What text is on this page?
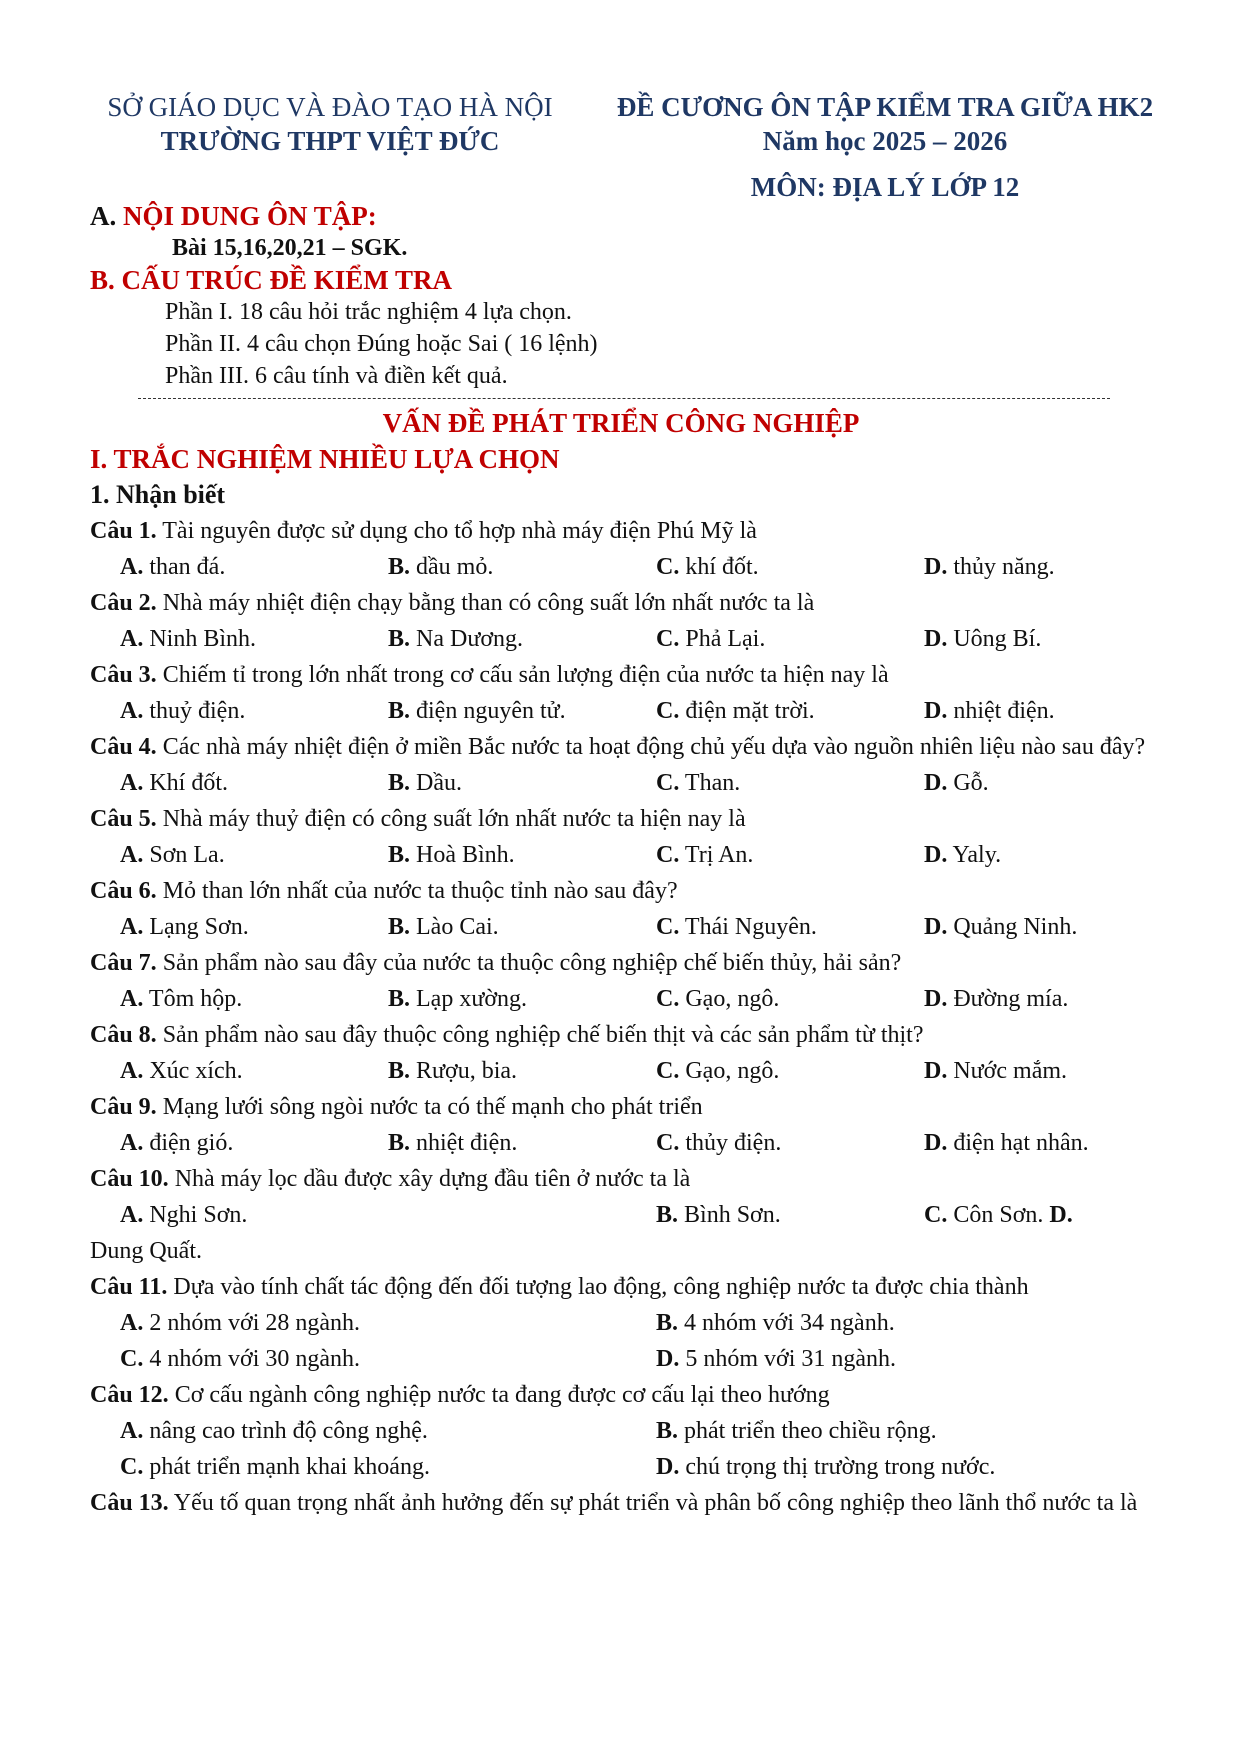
SỞ GIÁO DỤC VÀ ĐÀO TẠO HÀ NỘI
TRƯỜNG THPT VIỆT ĐỨC
ĐỀ CƯƠNG ÔN TẬP KIỂM TRA GIỮA HK2
Năm học 2025 – 2026
MÔN: ĐỊA LÝ LỚP 12
A. NỘI DUNG ÔN TẬP:
Bài 15,16,20,21 – SGK.
B. CẤU TRÚC ĐỀ KIỂM TRA
Phần I. 18 câu hỏi trắc nghiệm 4 lựa chọn.
Phần II. 4 câu chọn Đúng hoặc Sai ( 16 lệnh)
Phần III. 6 câu tính và điền kết quả.
VẤN ĐỀ PHÁT TRIỂN CÔNG NGHIỆP
I. TRẮC NGHIỆM NHIỀU LỰA CHỌN
1. Nhận biết
Câu 1. Tài nguyên được sử dụng cho tổ hợp nhà máy điện Phú Mỹ là
A. than đá.	B. dầu mỏ.	C. khí đốt.	D. thủy năng.
Câu 2. Nhà máy nhiệt điện chạy bằng than có công suất lớn nhất nước ta là
A. Ninh Bình.	B. Na Dương.	C. Phả Lại.	D. Uông Bí.
Câu 3. Chiếm tỉ trong lớn nhất trong cơ cấu sản lượng điện của nước ta hiện nay là
A. thuỷ điện.	B. điện nguyên tử.	C. điện mặt trời.	D. nhiệt điện.
Câu 4. Các nhà máy nhiệt điện ở miền Bắc nước ta hoạt động chủ yếu dựa vào nguồn nhiên liệu nào sau đây?
A. Khí đốt.	B. Dầu.	C. Than.	D. Gỗ.
Câu 5. Nhà máy thuỷ điện có công suất lớn nhất nước ta hiện nay là
A. Sơn La.	B. Hoà Bình.	C. Trị An.	D. Yaly.
Câu 6. Mỏ than lớn nhất của nước ta thuộc tỉnh nào sau đây?
A. Lạng Sơn.	B. Lào Cai.	C. Thái Nguyên.	D. Quảng Ninh.
Câu 7. Sản phẩm nào sau đây của nước ta thuộc công nghiệp chế biến thủy, hải sản?
A. Tôm hộp.	B. Lạp xường.	C. Gạo, ngô.	D. Đường mía.
Câu 8. Sản phẩm nào sau đây thuộc công nghiệp chế biến thịt và các sản phẩm từ thịt?
A. Xúc xích.	B. Rượu, bia.	C. Gạo, ngô.	D. Nước mắm.
Câu 9. Mạng lưới sông ngòi nước ta có thế mạnh cho phát triển
A. điện gió.	B. nhiệt điện.	C. thủy điện.	D. điện hạt nhân.
Câu 10. Nhà máy lọc dầu được xây dựng đầu tiên ở nước ta là
A. Nghi Sơn.	B. Bình Sơn.	C. Côn Sơn. D.
Dung Quất.
Câu 11. Dựa vào tính chất tác động đến đối tượng lao động, công nghiệp nước ta được chia thành
A. 2 nhóm với 28 ngành.	B. 4 nhóm với 34 ngành.
C. 4 nhóm với 30 ngành.	D. 5 nhóm với 31 ngành.
Câu 12. Cơ cấu ngành công nghiệp nước ta đang được cơ cấu lại theo hướng
A. nâng cao trình độ công nghệ.	B. phát triển theo chiều rộng.
C. phát triển mạnh khai khoáng.	D. chú trọng thị trường trong nước.
Câu 13. Yếu tố quan trọng nhất ảnh hưởng đến sự phát triển và phân bố công nghiệp theo lãnh thổ nước ta là
